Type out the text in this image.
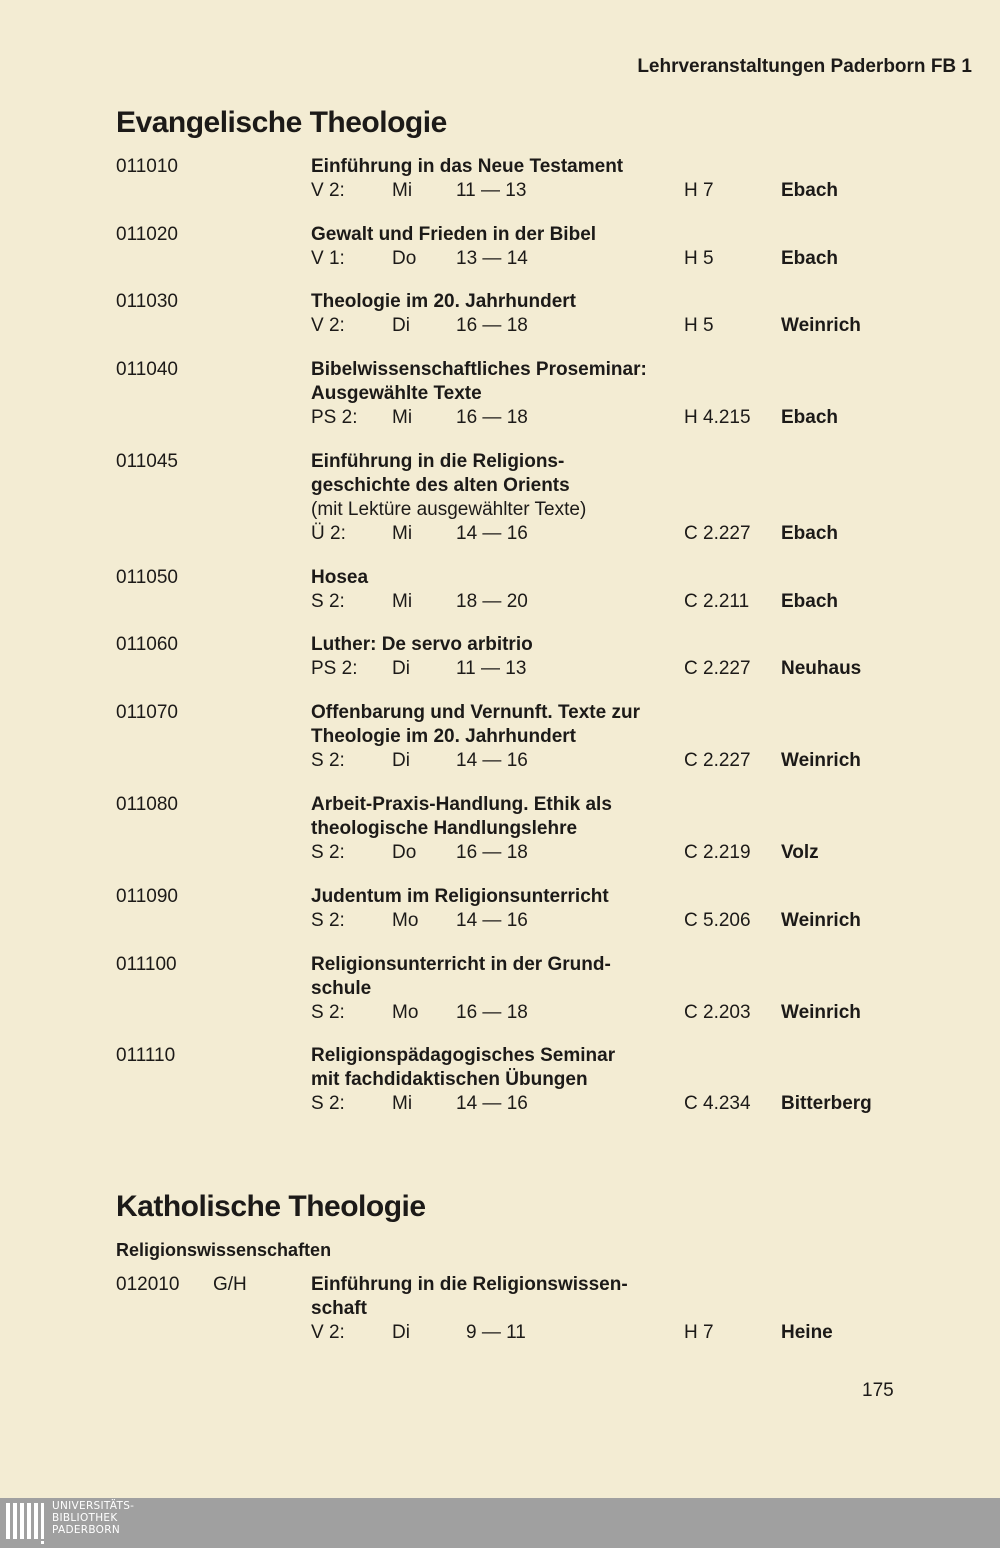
Lehrveranstaltungen Paderborn FB 1
Evangelische Theologie
011010	Einführung in das Neue Testament
V 2: Mi 11 — 13	H 7	Ebach
011020	Gewalt und Frieden in der Bibel
V 1: Do 13 — 14	H 5	Ebach
011030	Theologie im 20. Jahrhundert
V 2: Di 16 — 18	H 5	Weinrich
011040	Bibelwissenschaftliches Proseminar:
Ausgewählte Texte
PS 2: Mi 16 — 18	H 4.215 Ebach
011045	Einführung in die Religions-
geschichte des alten Orients
(mit Lektüre ausgewählter Texte)
Ü 2: Mi 14 — 16	C 2.227 Ebach
011050	Hosea
S 2: Mi 18 — 20	C 2.211 Ebach
011060	Luther: De servo arbitrio
PS 2: Di 11 — 13	C 2.227 Neuhaus
011070	Offenbarung und Vernunft. Texte zur
Theologie im 20. Jahrhundert
S 2: Di 14 — 16	C 2.227 Weinrich
011080	Arbeit-Praxis-Handlung. Ethik als
theologische Handlungslehre
S 2: Do 16 — 18	C 2.219 Volz
011090	Judentum im Religionsunterricht
S 2: Mo 14 — 16	C 5.206 Weinrich
011100	Religionsunterricht in der Grund-
schule
S 2: Mo 16 — 18	C 2.203 Weinrich
011110	Religionspädagogisches Seminar
mit fachdidaktischen Übungen
S 2: Mi 14 — 16	C 4.234 Bitterberg
Katholische Theologie
Religionswissenschaften
012010 G/H	Einführung in die Religionswissen-
schaft
V 2: Di	9 — 11	H 7	Heine
175
UNIVERSITÄTS-
BIBLIOTHEK
PADERBORN
